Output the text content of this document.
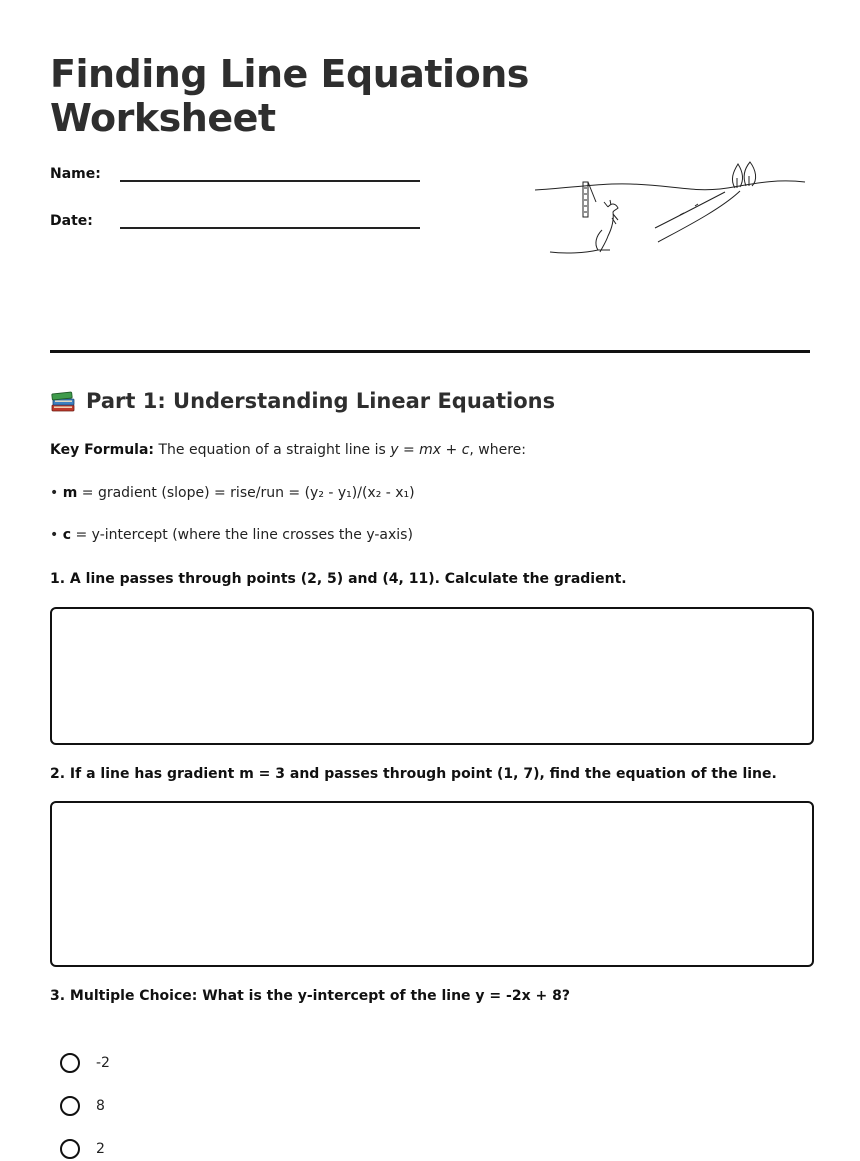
Finding Line Equations
Worksheet
Name:
Date:
Part 1: Understanding Linear Equations
Key Formula: The equation of a straight line is y = mx + c, where:
• m = gradient (slope) = rise/run = (y₂ - y₁)/(x₂ - x₁)
• c = y-intercept (where the line crosses the y-axis)
1. A line passes through points (2, 5) and (4, 11). Calculate the gradient.
2. If a line has gradient m = 3 and passes through point (1, 7), find the equation of the line.
3. Multiple Choice: What is the y-intercept of the line y = -2x + 8?
-2
8
2
